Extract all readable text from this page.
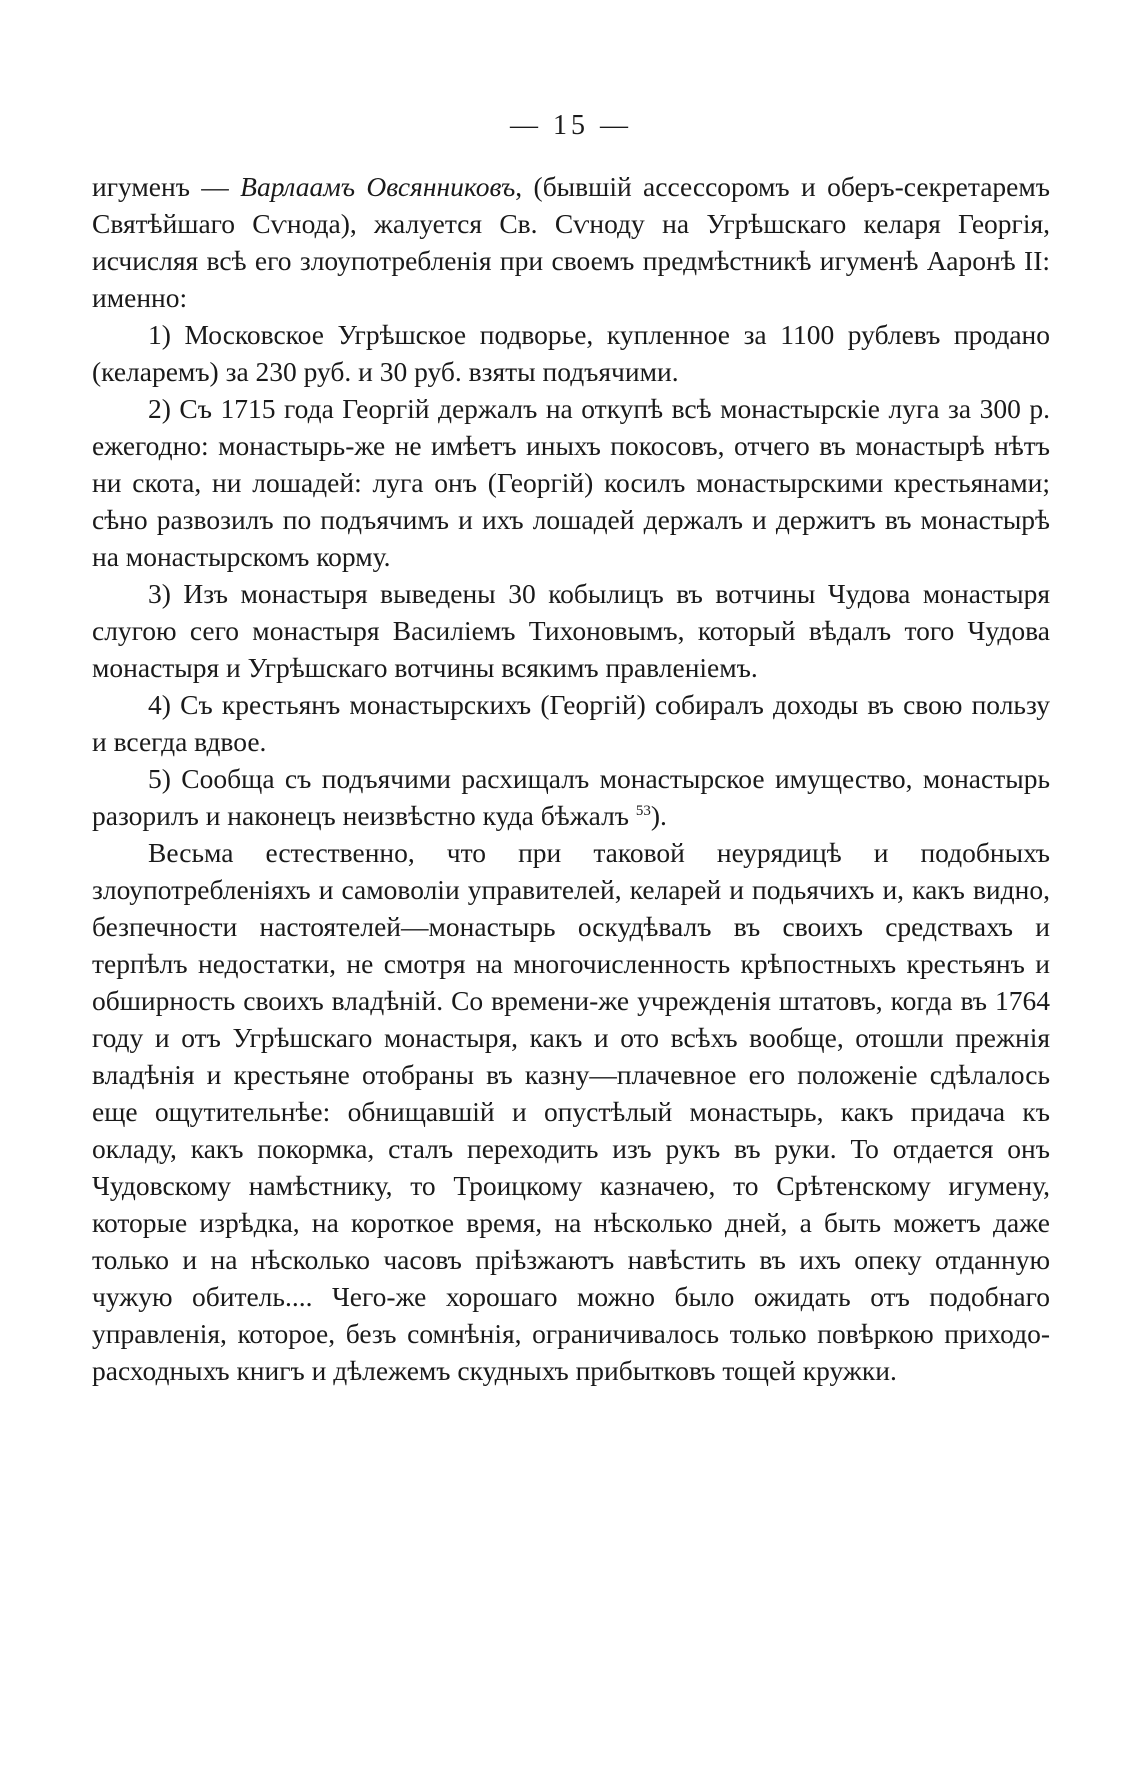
— 15 —

игуменъ — Варлаамъ Овсянниковъ, (бывшiй ассессоромъ и оберъ-секретаремъ Святѣйшаго Сѵнода), жалуется Св. Сѵноду на Угрѣшскаго келаря Георгiя, исчисляя всѣ его злоупотребленiя при своемъ предмѣстникѣ игуменѣ Ааронѣ II: именно:

1) Московское Угрѣшское подворье, купленное за 1100 рублевъ продано (келаремъ) за 230 руб. и 30 руб. взяты подъячими.

2) Съ 1715 года Георгiй держалъ на откупѣ всѣ монастырскiе луга за 300 р. ежегодно: монастырь-же не имѣетъ иныхъ покосовъ, отчего въ монастырѣ нѣтъ ни скота, ни лошадей: луга онъ (Георгiй) косилъ монастырскими крестьянами; сѣно развозилъ по подъячимъ и ихъ лошадей держалъ и держитъ въ монастырѣ на монастырскомъ корму.

3) Изъ монастыря выведены 30 кобылицъ въ вотчины Чудова монастыря слугою сего монастыря Василiемъ Тихоновымъ, который вѣдалъ того Чудова монастыря и Угрѣшскаго вотчины всякимъ правленiемъ.

4) Съ крестьянъ монастырскихъ (Георгiй) собиралъ доходы въ свою пользу и всегда вдвое.

5) Сообща съ подъячими расхищалъ монастырское имущество, монастырь разорилъ и наконецъ неизвѣстно куда бѣжалъ $^{53}$).

Весьма естественно, что при таковой неурядицѣ и подобныхъ злоупотребленiяхъ и самоволiи управителей, келарей и подьячихъ и, какъ видно, безпечности настоятелей—монастырь оскудѣвалъ въ своихъ средствахъ и терпѣлъ недостатки, не смотря на многочисленность крѣпостныхъ крестьянъ и обширность своихъ владѣнiй. Со времени-же учрежденiя штатовъ, когда въ 1764 году и отъ Угрѣшскаго монастыря, какъ и ото всѣхъ вообще, отошли прежнiя владѣнiя и крестьяне отобраны въ казну—плачевное его положенiе сдѣлалось еще ощутительнѣе: обнищавшiй и опустѣлый монастырь, какъ придача къ окладу, какъ покормка, сталъ переходить изъ рукъ въ руки. То отдается онъ Чудовскому намѣстнику, то Троицкому казначею, то Срѣтенскому игумену, которые изрѣдка, на короткое время, на нѣсколько дней, а быть можетъ даже только и на нѣсколько часовъ прiѣзжаютъ навѣстить въ ихъ опеку отданную чужую обитель.... Чего-же хорошаго можно было ожидать отъ подобнаго управленiя, которое, безъ сомнѣнiя, ограничивалось только повѣркою приходо-расходныхъ книгъ и дѣлежемъ скудныхъ прибытковъ тощей кружки.
